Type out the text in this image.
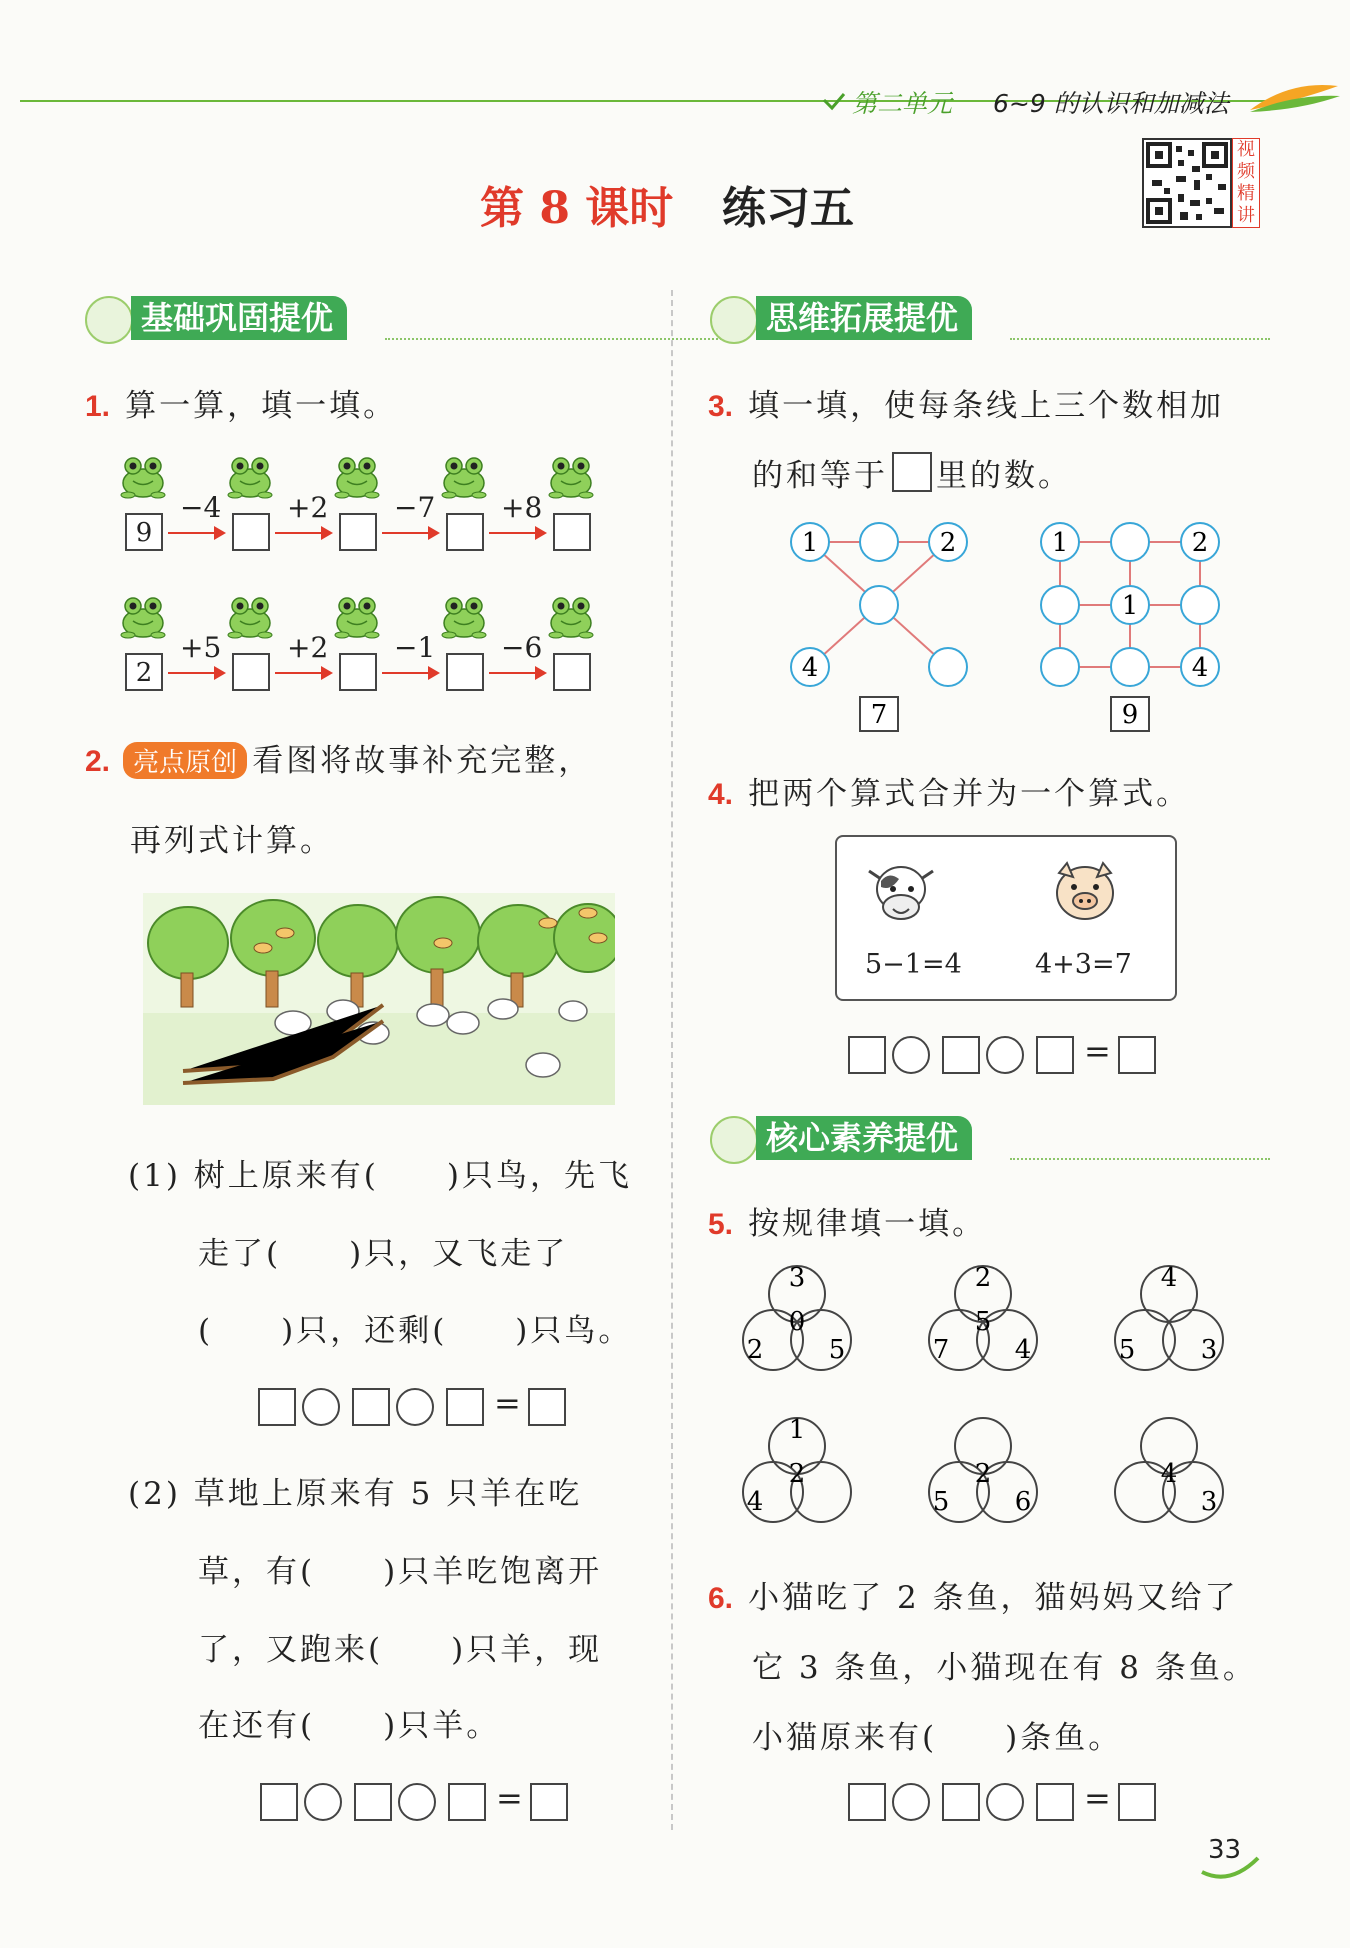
第二单元 6~9 的认识和加减法
第 8 课时 练习五
视频精讲
基础巩固提优
1. 算一算，填一填。
9
−4 +2 −7 +8
2
+5 +2 −1 −6
2. 亮点原创 看图将故事补充完整，
再列式计算。
(1) 树上原来有(　　)只鸟，先飞
走了(　　)只，又飞走了
(　　)只，还剩(　　)只鸟。
=
(2) 草地上原来有 5 只羊在吃
草，有(　　)只羊吃饱离开
了，又跑来(　　)只羊，现
在还有(　　)只羊。
=
思维拓展提优
3. 填一填，使每条线上三个数相加
的和等于 里的数。
1	2
4
7
1	2
1
4
9
4. 把两个算式合并为一个算式。
5−1=4	4+3=7
=
核心素养提优
5. 按规律填一填。
3
0
2	5
2
5
7	4
4
5	3
1
2
4
2
5	6
4
3
6. 小猫吃了 2 条鱼，猫妈妈又给了
它 3 条鱼，小猫现在有 8 条鱼。
小猫原来有(　　)条鱼。
=
33
